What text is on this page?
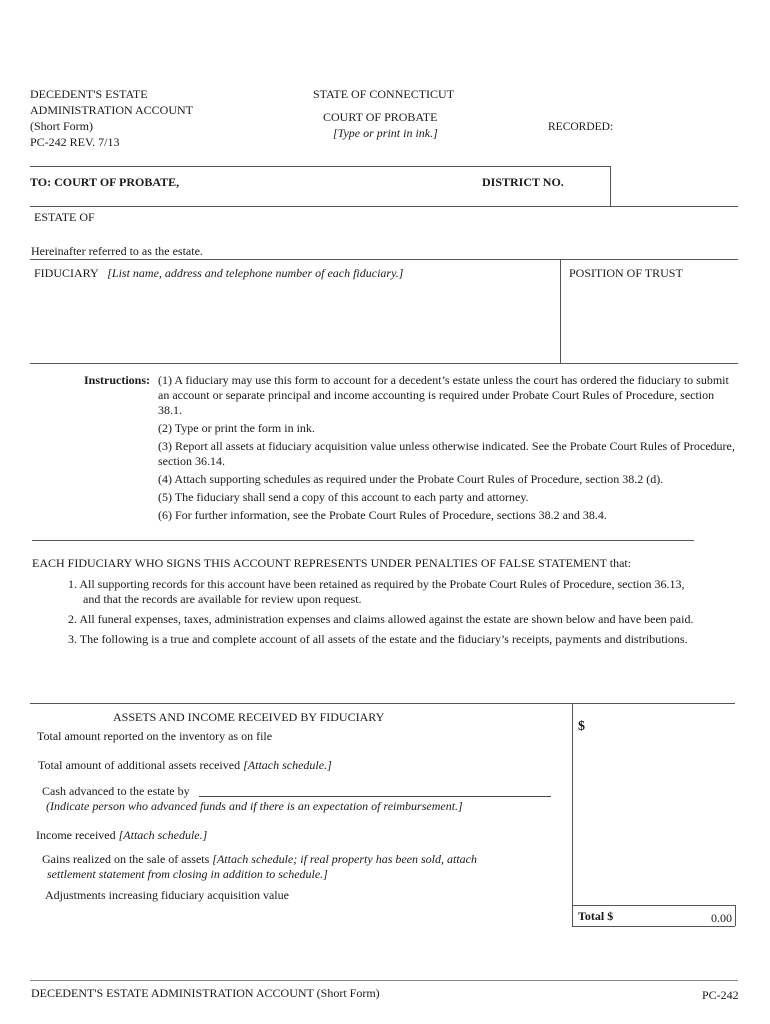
DECEDENT'S ESTATE
ADMINISTRATION ACCOUNT
(Short Form)
PC-242 REV. 7/13
STATE OF CONNECTICUT
COURT OF PROBATE
[Type or print in ink.]	RECORDED:
TO: COURT OF PROBATE,	DISTRICT NO.
ESTATE OF
Hereinafter referred to as the estate.
FIDUCIARY [List name, address and telephone number of each fiduciary.]	POSITION OF TRUST
Instructions: (1) A fiduciary may use this form to account for a decedent’s estate unless the court has ordered the fiduciary to submit an account or separate principal and income accounting is required under Probate Court Rules of Procedure, section 38.1.
(2) Type or print the form in ink.
(3) Report all assets at fiduciary acquisition value unless otherwise indicated. See the Probate Court Rules of Procedure, section 36.14.
(4) Attach supporting schedules as required under the Probate Court Rules of Procedure, section 38.2 (d).
(5) The fiduciary shall send a copy of this account to each party and attorney.
(6) For further information, see the Probate Court Rules of Procedure, sections 38.2 and 38.4.
EACH FIDUCIARY WHO SIGNS THIS ACCOUNT REPRESENTS UNDER PENALTIES OF FALSE STATEMENT that:
1. All supporting records for this account have been retained as required by the Probate Court Rules of Procedure, section 36.13,
and that the records are available for review upon request.
2. All funeral expenses, taxes, administration expenses and claims allowed against the estate are shown below and have been paid.
3. The following is a true and complete account of all assets of the estate and the fiduciary’s receipts, payments and distributions.
ASSETS AND INCOME RECEIVED BY FIDUCIARY
$
Total amount reported on the inventory as on file
Total amount of additional assets received [Attach schedule.]
Cash advanced to the estate by
(Indicate person who advanced funds and if there is an expectation of reimbursement.]
Income received [Attach schedule.]
Gains realized on the sale of assets [Attach schedule; if real property has been sold, attach
settlement statement from closing in addition to schedule.]
Adjustments increasing fiduciary acquisition value
Total $	0.00
DECEDENT'S ESTATE ADMINISTRATION ACCOUNT (Short Form)	PC-242
